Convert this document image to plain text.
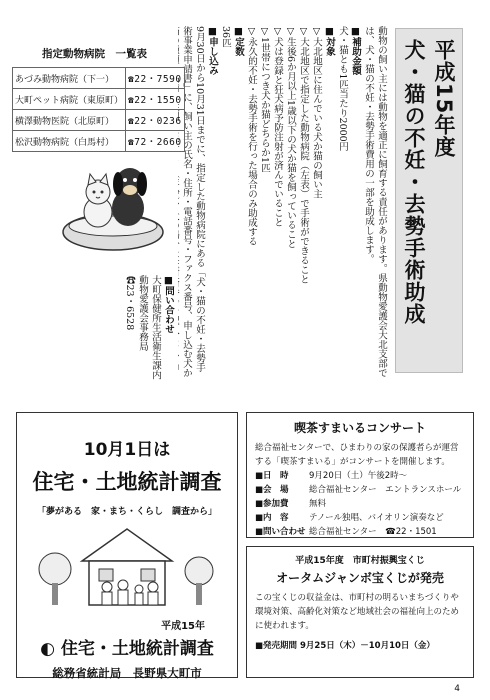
平成15年度
犬・猫の不妊・去勢手術助成

動物の飼い主には動物を適正に飼育する責任があります。県動物愛護会大北支部では、犬・猫の不妊・去勢手術費用の一部を助成します。

■補助金額

犬・猫とも1匹当たり2000円

■対象

▽大北地区に住んでいる犬か猫の飼い主

▽大北地区で指定した動物病院（左表）で手術ができること

▽生後6か月以上1歳以下の犬か猫を飼っていること

▽犬は登録と狂犬病予防注射が済んでいること

▽1世帯につき犬か猫どちらか1匹

▽永久的不妊・去勢手術を行った場合のみ助成する

■定数

36匹

■申し込み

9月30日から10月31日までに、指定した動物病院にある「犬・猫の不妊・去勢手術事業申請書」に、飼い主の氏名・住所・電話番号・ファクス番号、申し込む犬か

指定動物病院　一覧表
あづみ動物病院（下一）	☎22・7590
大町ペット病院（東原町）	☎22・1550
横澤動物医院（北原町）	☎22・0236
松沢動物病院（白馬村）	☎72・2660

■問い合わせ

大町保健所生活衛生課内動物愛護会事務局　☎23・6528

10月1日は
住宅・土地統計調査
「夢がある　家・まち・くらし　調査から」
平成15年
◐ 住宅・土地統計調査
総務省統計局　長野県大町市
喫茶すまいるコンサート
総合福祉センターで、ひまわりの家の保護者らが運営する「喫茶すまいる」がコンサートを開催します。
■日　時	9月20日（土）午後2時～
■会　場	総合福祉センター　エントランスホール
■参加費	無料
■内　容	テノール独唱、バイオリン演奏など
■問い合わせ 総合福祉センター　☎22・1501
平成15年度　市町村振興宝くじ
オータムジャンボ宝くじが発売
この宝くじの収益金は、市町村の明るいまちづくりや環境対策、高齢化対策など地域社会の福祉向上のために使われます。
■発売期間 9月25日（木）－10月10日（金）
4
